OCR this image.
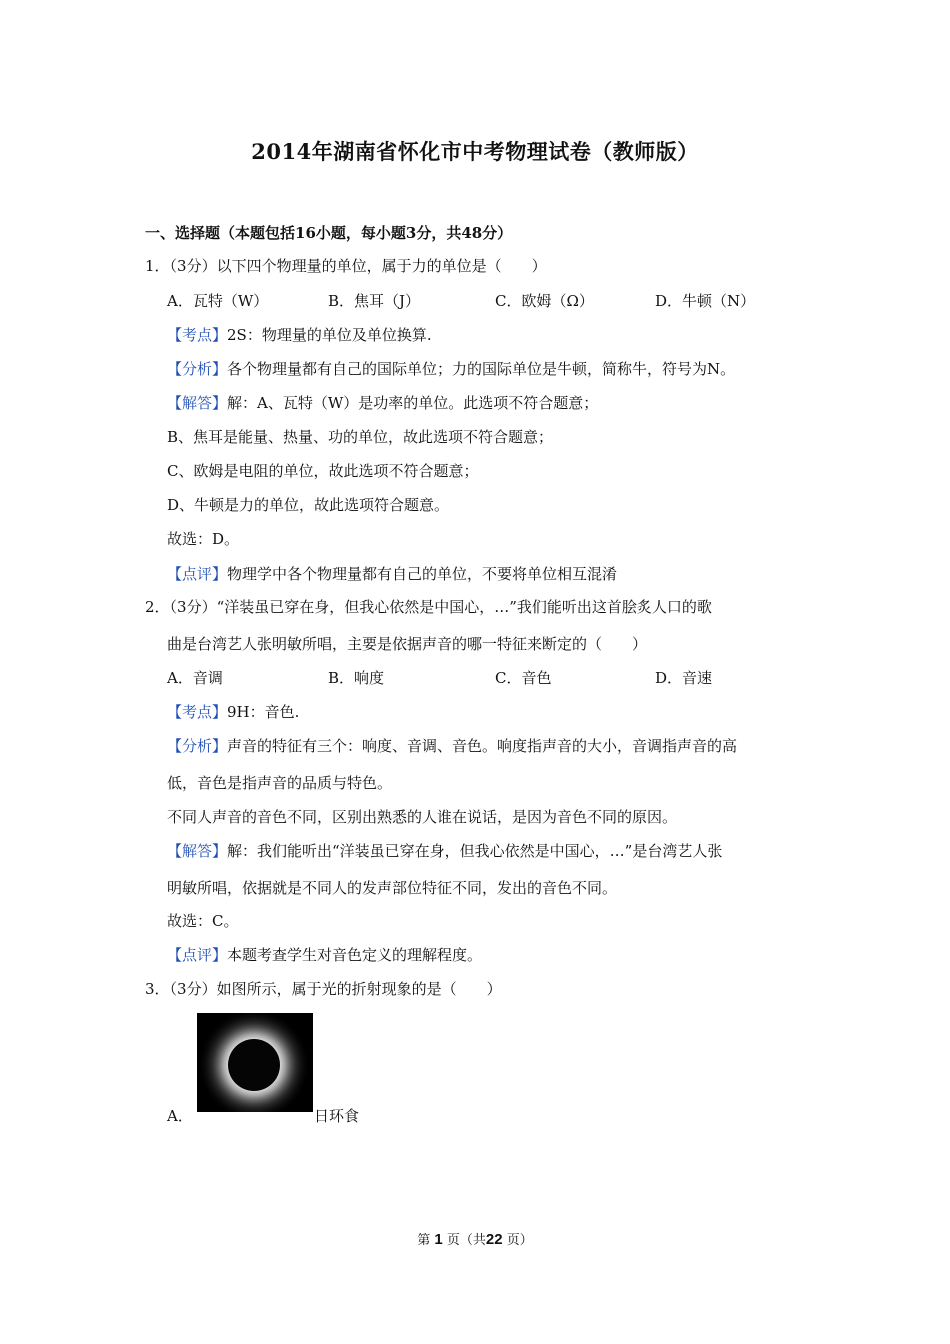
2014年湖南省怀化市中考物理试卷（教师版）
一、选择题（本题包括16小题，每小题3分，共48分）
1．（3分）以下四个物理量的单位，属于力的单位是（　　）
A．瓦特（W）	B．焦耳（J）	C．欧姆（Ω）	D．牛顿（N）
【考点】2S：物理量的单位及单位换算.
【分析】各个物理量都有自己的国际单位；力的国际单位是牛顿，简称牛，符号为N。
【解答】解：A、瓦特（W）是功率的单位。此选项不符合题意；
B、焦耳是能量、热量、功的单位，故此选项不符合题意；
C、欧姆是电阻的单位，故此选项不符合题意；
D、牛顿是力的单位，故此选项符合题意。
故选：D。
【点评】物理学中各个物理量都有自己的单位，不要将单位相互混淆
2．（3分）“洋装虽已穿在身，但我心依然是中国心，…”我们能听出这首脍炙人口的歌
曲是台湾艺人张明敏所唱，主要是依据声音的哪一特征来断定的（　　）
A．音调	B．响度	C．音色	D．音速
【考点】9H：音色.
【分析】声音的特征有三个：响度、音调、音色。响度指声音的大小，音调指声音的高
低，音色是指声音的品质与特色。
不同人声音的音色不同，区别出熟悉的人谁在说话，是因为音色不同的原因。
【解答】解：我们能听出“洋装虽已穿在身，但我心依然是中国心，…”是台湾艺人张
明敏所唱，依据就是不同人的发声部位特征不同，发出的音色不同。
故选：C。
【点评】本题考查学生对音色定义的理解程度。
3．（3分）如图所示，属于光的折射现象的是（　　）
A．	日环食
第 1 页（共22 页）
